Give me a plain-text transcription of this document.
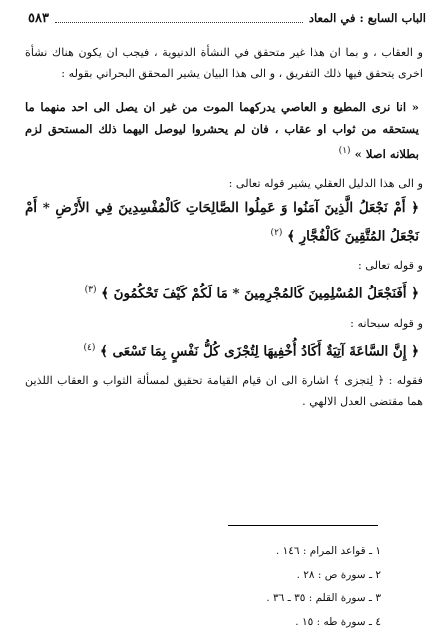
الباب السابع : في المعاد
٥٨٣

و العقاب ، و بما ان هذا غير متحقق في النشأة الدنيوية ، فيجب ان يكون هناك نشأة اخرى يتحقق فيها ذلك التفريق ، و الى هذا البيان يشير المحقق البحراني بقوله :

« انا نرى المطيع و العاصي يدركهما الموت من غير ان يصل الى احد منهما ما يستحقه من ثواب او عقاب ، فان لم يحشروا ليوصل اليهما ذلك المستحق لزم بطلانه اصلا » $^{(١)}$

و الى هذا الدليل العقلي يشير قوله تعالى :

﴿ أَمْ نَجْعَلُ الَّذِينَ آمَنُوا وَ عَمِلُوا الصَّالِحَاتِ كَالْمُفْسِدِينَ فِي الأَرْضِ * أَمْ نَجْعَلُ المُتَّقِينَ كَالْفُجَّارِ ﴾ $^{(٢)}$

و قوله تعالى :

﴿ أَفَنَجْعَلُ المُسْلِمِينَ كَالمُجْرِمِينَ * مَا لَكُمْ كَيْفَ تَحْكُمُونَ ﴾ $^{(٣)}$

و قوله سبحانه :

﴿ إِنَّ السَّاعَةَ آتِيَةٌ أَكَادُ أُخْفِيهَا لِتُجْزَى كُلُّ نَفْسٍ بِمَا تَسْعَى ﴾ $^{(٤)}$

فقوله : ﴿ لِتجزى ﴾ اشارة الى ان قيام القيامة تحقيق لمسألة الثواب و العقاب اللذين هما مقتضى العدل الالهي .

١ ـ قواعد المرام : ١٤٦ .
٢ ـ سورة ص : ٢٨ .
٣ ـ سورة القلم : ٣٥ ـ ٣٦ .
٤ ـ سورة طه : ١٥ .
